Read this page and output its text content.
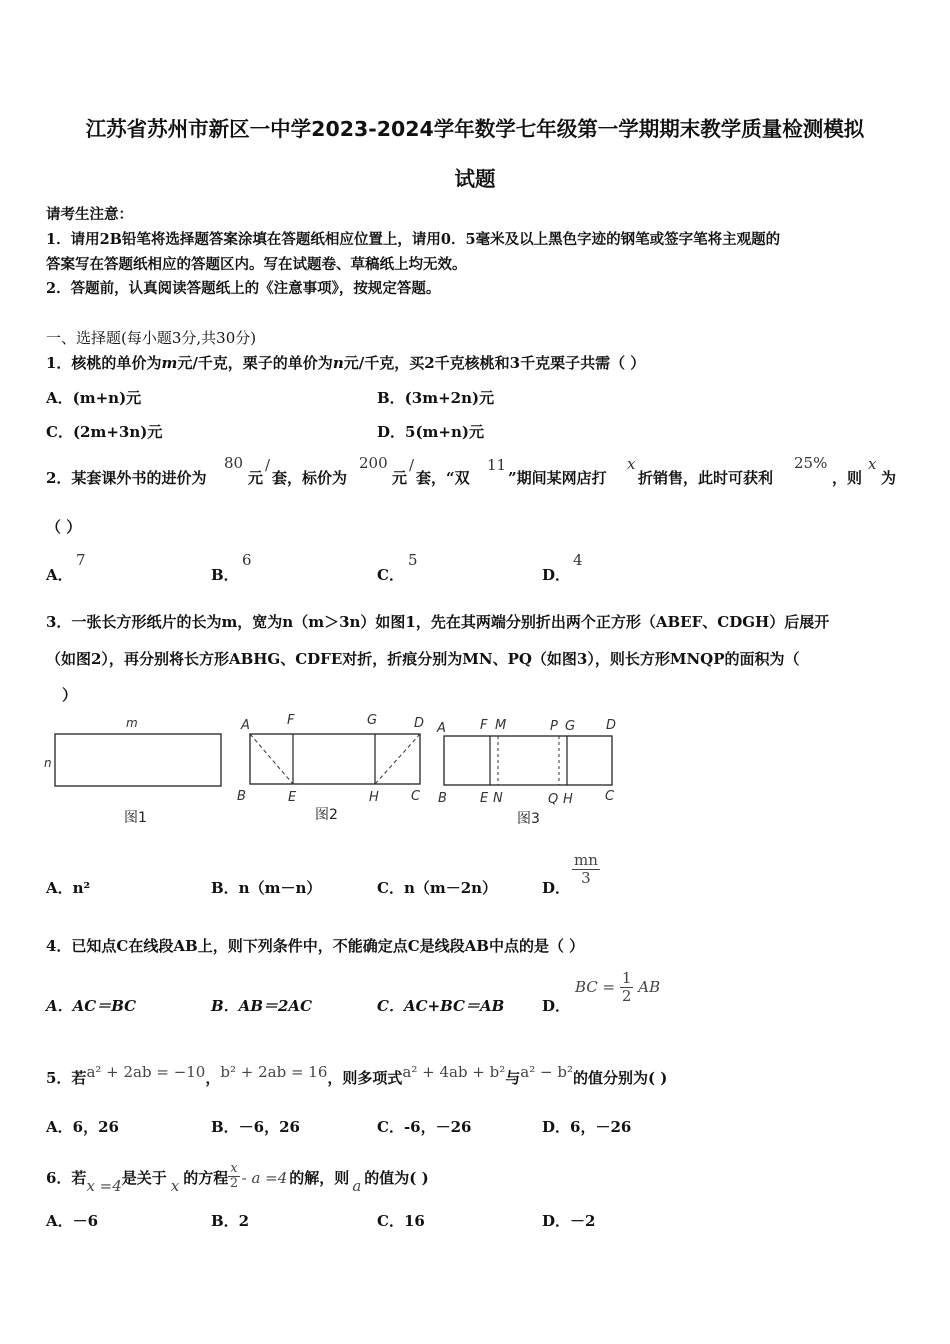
江苏省苏州市新区一中学2023-2024学年数学七年级第一学期期末教学质量检测模拟
试题
请考生注意：
1．请用2B铅笔将选择题答案涂填在答题纸相应位置上，请用0．5毫米及以上黑色字迹的钢笔或签字笔将主观题的
答案写在答题纸相应的答题区内。写在试题卷、草稿纸上均无效。
2．答题前，认真阅读答题纸上的《注意事项》，按规定答题。
一、选择题(每小题3分,共30分)
1．核桃的单价为m元/千克，栗子的单价为n元/千克，买2千克核桃和3千克栗子共需（ ）
A．(m+n)元	B．(3m+2n)元
C．(2m+3n)元	D．5(m+n)元
2．某套课外书的进价为
80
元
/
套，标价为
200
元
/
套，“双
11
”期间某网店打
x
折销售，此时可获利
25%
，则
x
为
（ ）
A．
7
B．
6
C．
5
D．
4
3．一张长方形纸片的长为m，宽为n（m＞3n）如图1，先在其两端分别折出两个正方形（ABEF、CDGH）后展开
（如图2），再分别将长方形ABHG、CDFE对折，折痕分别为MN、PQ（如图3），则长方形MNQP的面积为（
）
m
n
图1
A	F	G	D
B	E	H C
图2
A	F M	P G D
B	E N	Q H C
图3
A．n²	B．n（m－n）	C．n（m－2n）	D．
$\frac{mn}{3}$
4．已知点C在线段AB上，则下列条件中，不能确定点C是线段AB中点的是（ ）
A．AC＝BC	B．AB＝2AC	C．AC+BC＝AB	D．
BC = $\frac{1}{2}$ AB
5．若a² + 2ab = −10，b² + 2ab = 16，则多项式a² + 4ab + b²与a² − b²的值分别为( )
A．6，26	B．－6，26	C．-6，－26	D．6，－26
6．若x =4是关于 x 的方程 $\frac{x}{2} - a =4$ 的解，则 a 的值为( )
A．－6	B．2	C．16	D．－2
